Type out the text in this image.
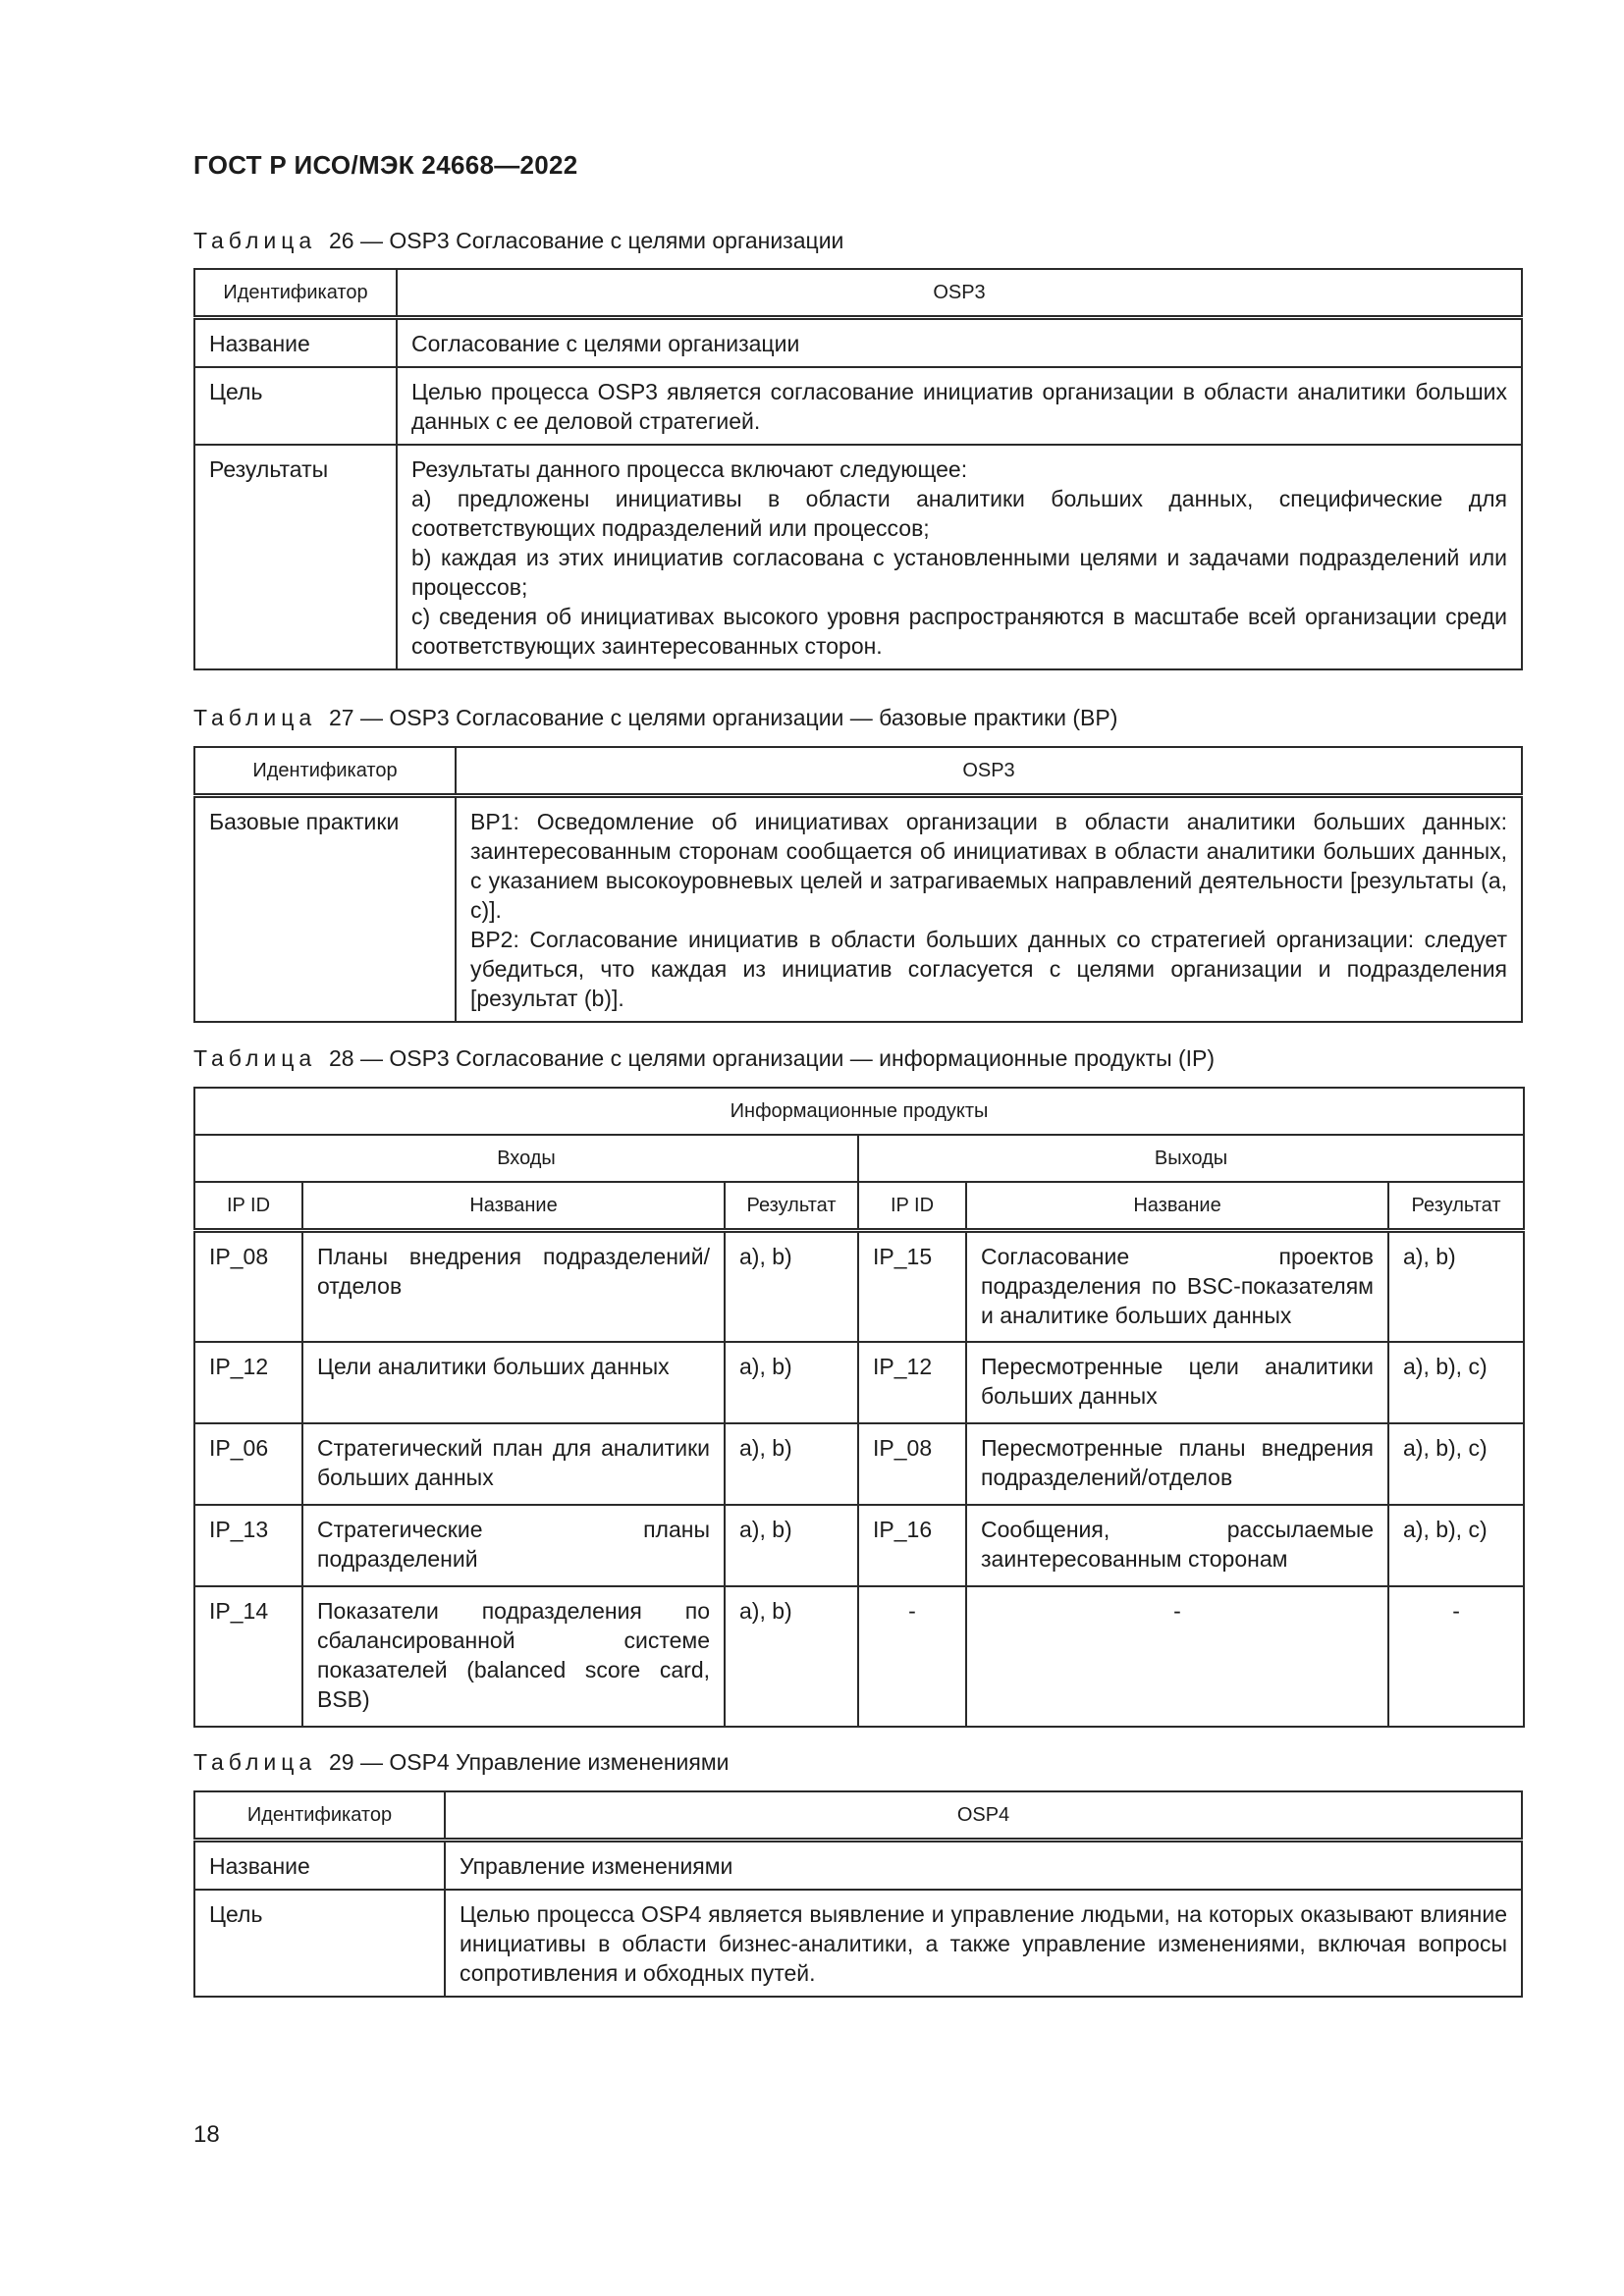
ГОСТ Р ИСО/МЭК 24668—2022
Таблица 26 — OSP3 Согласование с целями организации
Идентификатор	OSP3
Название	Согласование с целями организации
Цель	Целью процесса OSP3 является согласование инициатив организации в области аналитики больших данных с ее деловой стратегией.
Результаты	Результаты данного процесса включают следующее:
a) предложены инициативы в области аналитики больших данных, специфические для соответствующих подразделений или процессов;
b) каждая из этих инициатив согласована с установленными целями и задачами подразделений или процессов;
c) сведения об инициативах высокого уровня распространяются в масштабе всей организации среди соответствующих заинтересованных сторон.
Таблица 27 — OSP3 Согласование с целями организации — базовые практики (BP)
Идентификатор	OSP3
Базовые практики	BP1: Осведомление об инициативах организации в области аналитики больших данных: заинтересованным сторонам сообщается об инициативах в области аналитики больших данных, с указанием высокоуровневых целей и затрагиваемых направлений деятельности [результаты (a, c)].
BP2: Согласование инициатив в области больших данных со стратегией организации: следует убедиться, что каждая из инициатив согласуется с целями организации и подразделения [результат (b)].
Таблица 28 — OSP3 Согласование с целями организации — информационные продукты (IP)
Информационные продукты					
Входы			Выходы		
IP ID	Название	Результат	IP ID	Название	Результат
IP_08	Планы внедрения подразделений/отделов	a), b)	IP_15	Согласование проектов подразделения по BSC-показателям и аналитике больших данных	a), b)
IP_12	Цели аналитики больших данных	a), b)	IP_12	Пересмотренные цели аналитики больших данных	a), b), c)
IP_06	Стратегический план для аналитики больших данных	a), b)	IP_08	Пересмотренные планы внедрения подразделений/отделов	a), b), c)
IP_13	Стратегические планы подразделений	a), b)	IP_16	Сообщения, рассылаемые заинтересованным сторонам	a), b), c)
IP_14	Показатели подразделения по сбалансированной системе показателей (balanced score card, BSB)	a), b)	-	-	-
Таблица 29 — OSP4 Управление изменениями
Идентификатор	OSP4
Название	Управление изменениями
Цель	Целью процесса OSP4 является выявление и управление людьми, на которых оказывают влияние инициативы в области бизнес-аналитики, а также управление изменениями, включая вопросы сопротивления и обходных путей.
18
